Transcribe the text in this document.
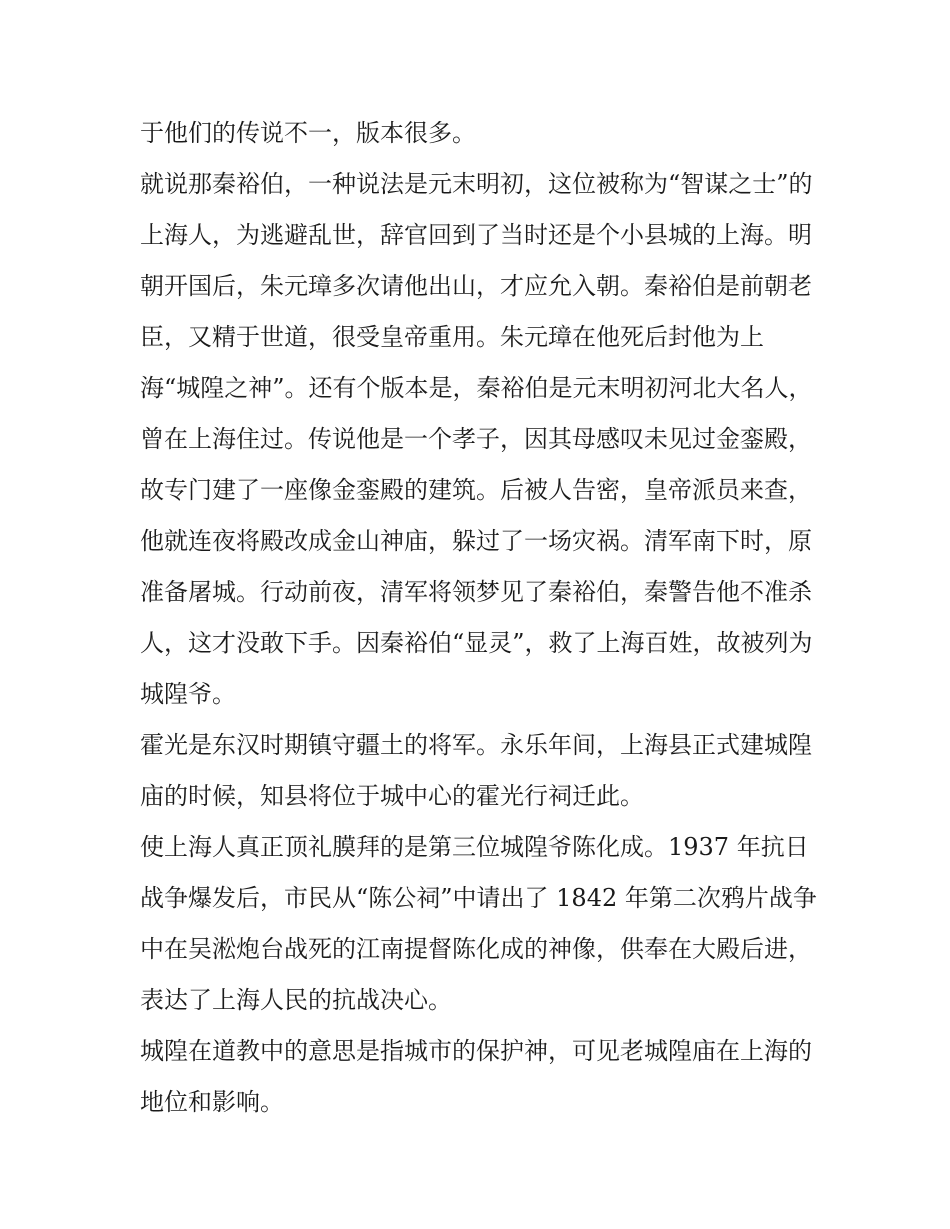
于他们的传说不一，版本很多。

就说那秦裕伯，一种说法是元末明初，这位被称为“智谋之士”的上海人，为逃避乱世，辞官回到了当时还是个小县城的上海。明朝开国后，朱元璋多次请他出山，才应允入朝。秦裕伯是前朝老臣，又精于世道，很受皇帝重用。朱元璋在他死后封他为上海“城隍之神”。还有个版本是，秦裕伯是元末明初河北大名人，曾在上海住过。传说他是一个孝子，因其母感叹未见过金銮殿，故专门建了一座像金銮殿的建筑。后被人告密，皇帝派员来查，他就连夜将殿改成金山神庙，躲过了一场灾祸。清军南下时，原准备屠城。行动前夜，清军将领梦见了秦裕伯，秦警告他不准杀人，这才没敢下手。因秦裕伯“显灵”，救了上海百姓，故被列为城隍爷。

霍光是东汉时期镇守疆土的将军。永乐年间，上海县正式建城隍庙的时候，知县将位于城中心的霍光行祠迁此。

使上海人真正顶礼膜拜的是第三位城隍爷陈化成。1937 年抗日战争爆发后，市民从“陈公祠”中请出了 1842 年第二次鸦片战争中在吴淞炮台战死的江南提督陈化成的神像，供奉在大殿后进，表达了上海人民的抗战决心。

城隍在道教中的意思是指城市的保护神，可见老城隍庙在上海的地位和影响。
